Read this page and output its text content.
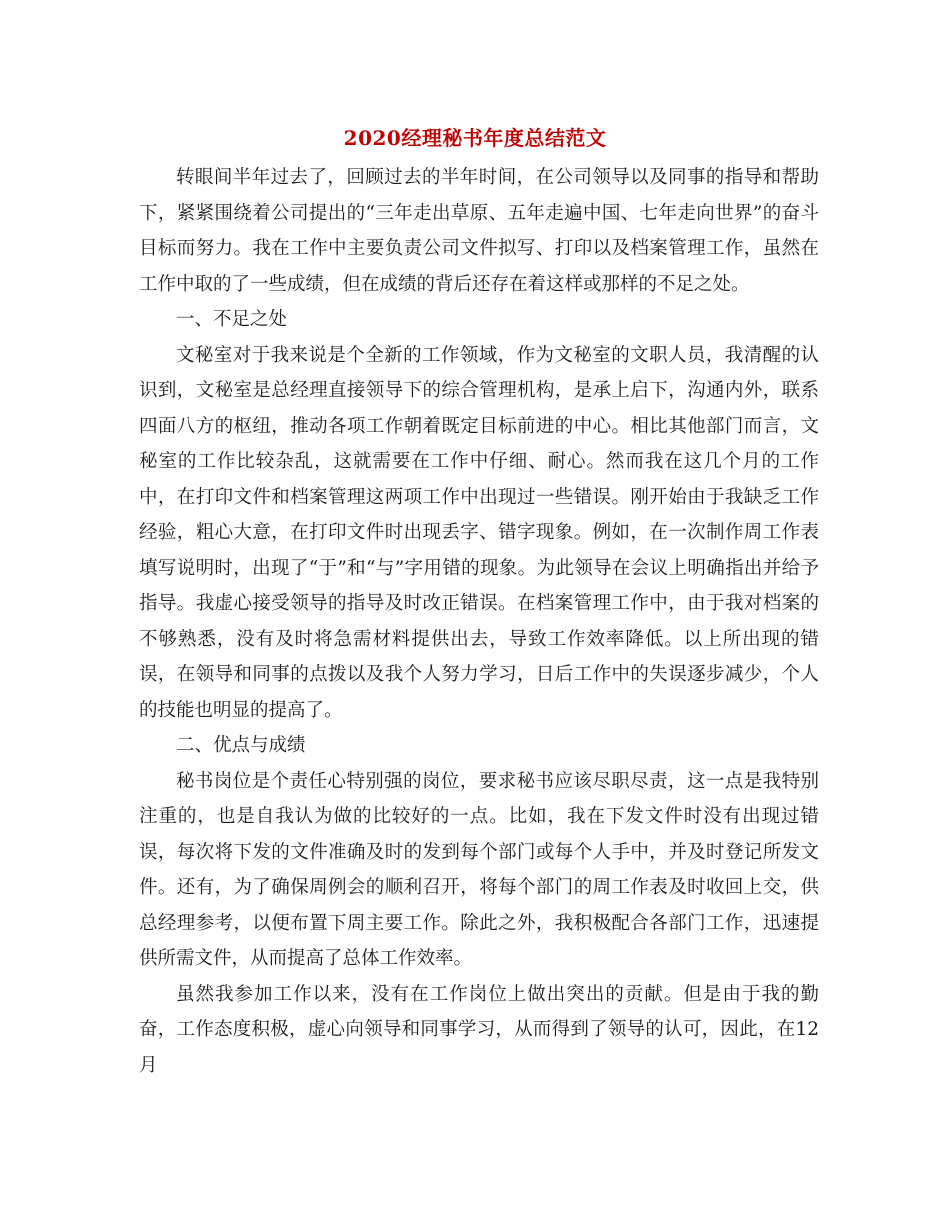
2020经理秘书年度总结范文

转眼间半年过去了，回顾过去的半年时间，在公司领导以及同事的指导和帮助下，紧紧围绕着公司提出的“三年走出草原、五年走遍中国、七年走向世界”的奋斗目标而努力。我在工作中主要负责公司文件拟写、打印以及档案管理工作，虽然在工作中取的了一些成绩，但在成绩的背后还存在着这样或那样的不足之处。

一、不足之处

文秘室对于我来说是个全新的工作领域，作为文秘室的文职人员，我清醒的认识到，文秘室是总经理直接领导下的综合管理机构，是承上启下，沟通内外，联系四面八方的枢纽，推动各项工作朝着既定目标前进的中心。相比其他部门而言，文秘室的工作比较杂乱，这就需要在工作中仔细、耐心。然而我在这几个月的工作中，在打印文件和档案管理这两项工作中出现过一些错误。刚开始由于我缺乏工作经验，粗心大意，在打印文件时出现丢字、错字现象。例如，在一次制作周工作表填写说明时，出现了“于”和“与”字用错的现象。为此领导在会议上明确指出并给予指导。我虚心接受领导的指导及时改正错误。在档案管理工作中，由于我对档案的不够熟悉，没有及时将急需材料提供出去，导致工作效率降低。以上所出现的错误，在领导和同事的点拨以及我个人努力学习，日后工作中的失误逐步减少，个人的技能也明显的提高了。

二、优点与成绩

秘书岗位是个责任心特别强的岗位，要求秘书应该尽职尽责，这一点是我特别注重的，也是自我认为做的比较好的一点。比如，我在下发文件时没有出现过错误，每次将下发的文件准确及时的发到每个部门或每个人手中，并及时登记所发文件。还有，为了确保周例会的顺利召开，将每个部门的周工作表及时收回上交，供总经理参考，以便布置下周主要工作。除此之外，我积极配合各部门工作，迅速提供所需文件，从而提高了总体工作效率。

虽然我参加工作以来，没有在工作岗位上做出突出的贡献。但是由于我的勤奋，工作态度积极，虚心向领导和同事学习，从而得到了领导的认可，因此，在12月
